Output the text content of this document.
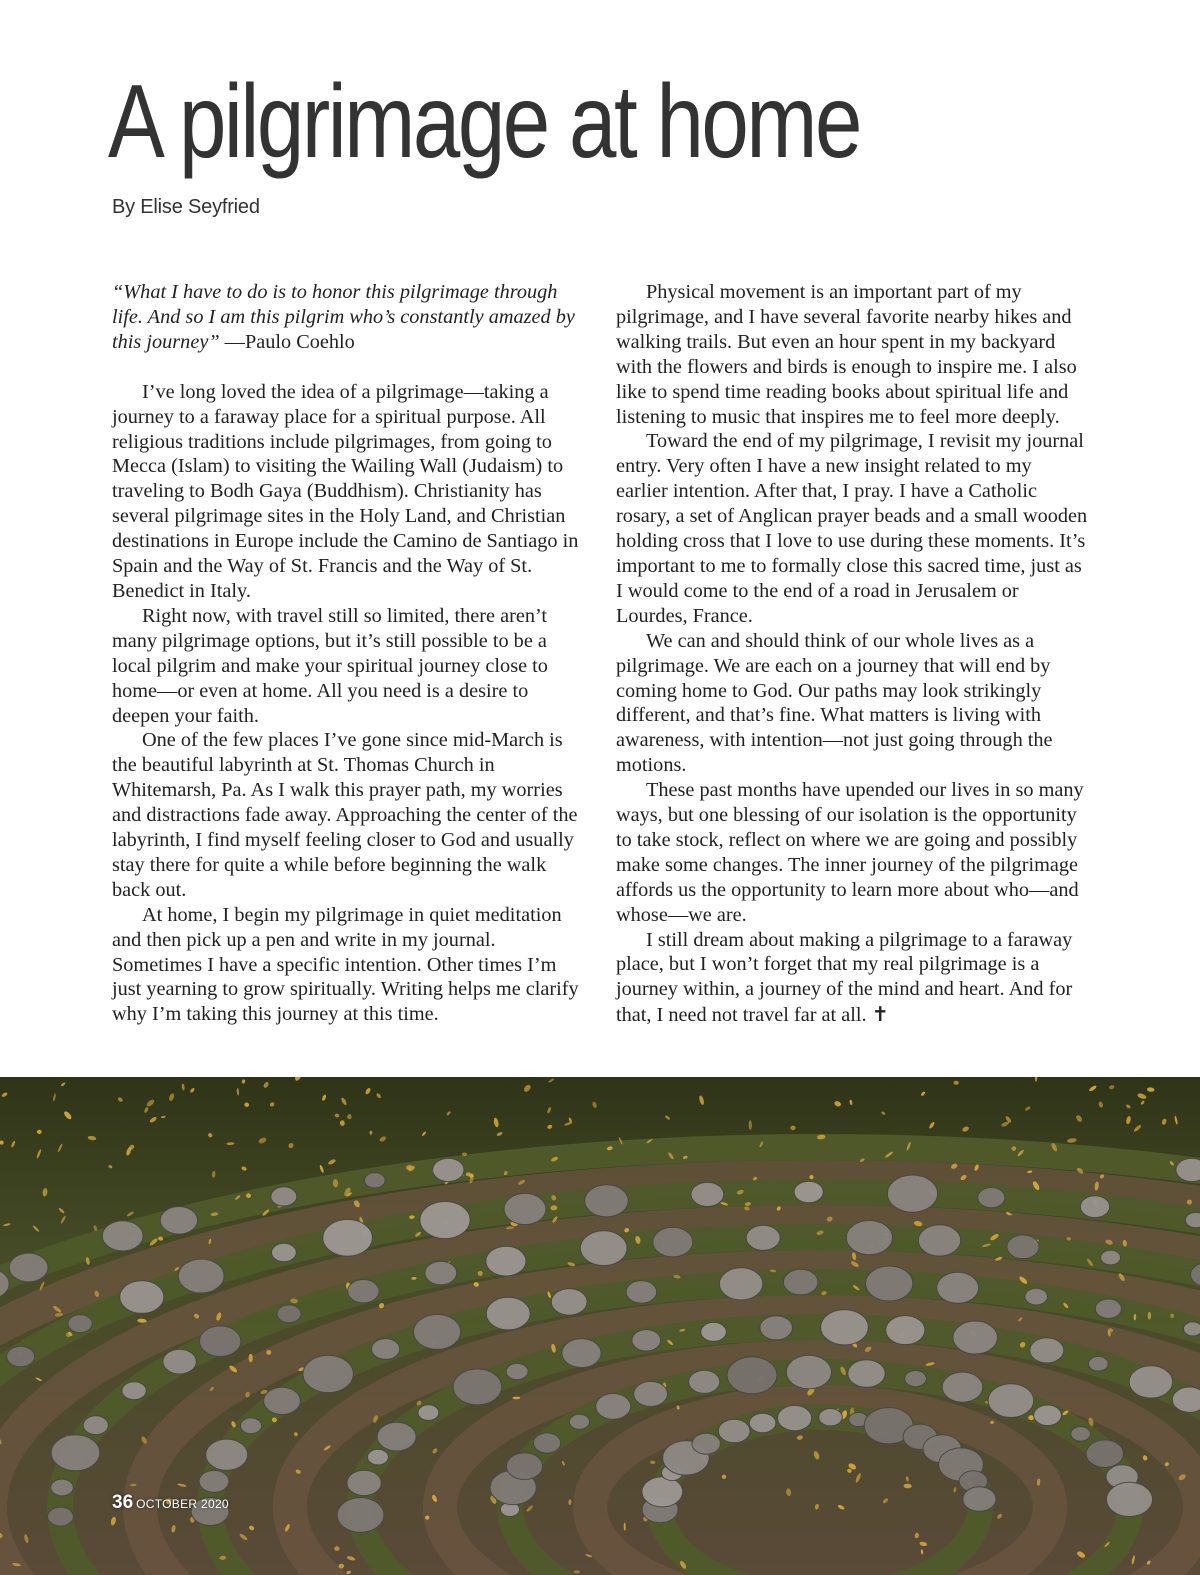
A pilgrimage at home
By Elise Seyfried

“What I have to do is to honor this pilgrimage through life. And so I am this pilgrim who’s constantly amazed by this journey” —Paulo Coehlo

I’ve long loved the idea of a pilgrimage—taking a journey to a faraway place for a spiritual purpose. All religious traditions include pilgrimages, from going to Mecca (Islam) to visiting the Wailing Wall (Judaism) to traveling to Bodh Gaya (Buddhism). Christianity has several pilgrimage sites in the Holy Land, and Christian destinations in Europe include the Camino de Santiago in Spain and the Way of St. Francis and the Way of St. Benedict in Italy.

Right now, with travel still so limited, there aren’t many pilgrimage options, but it’s still possible to be a local pilgrim and make your spiritual journey close to home—or even at home. All you need is a desire to deepen your faith.

One of the few places I’ve gone since mid-March is the beautiful labyrinth at St. Thomas Church in Whitemarsh, Pa. As I walk this prayer path, my worries and distractions fade away. Approaching the center of the labyrinth, I find myself feeling closer to God and usually stay there for quite a while before beginning the walk back out.

At home, I begin my pilgrimage in quiet meditation and then pick up a pen and write in my journal. Sometimes I have a specific intention. Other times I’m just yearning to grow spiritually. Writing helps me clarify why I’m taking this journey at this time.

Physical movement is an important part of my pilgrimage, and I have several favorite nearby hikes and walking trails. But even an hour spent in my backyard with the flowers and birds is enough to inspire me. I also like to spend time reading books about spiritual life and listening to music that inspires me to feel more deeply.

Toward the end of my pilgrimage, I revisit my journal entry. Very often I have a new insight related to my earlier intention. After that, I pray. I have a Catholic rosary, a set of Anglican prayer beads and a small wooden holding cross that I love to use during these moments. It’s important to me to formally close this sacred time, just as I would come to the end of a road in Jerusalem or Lourdes, France.

We can and should think of our whole lives as a pilgrimage. We are each on a journey that will end by coming home to God. Our paths may look strikingly different, and that’s fine. What matters is living with awareness, with intention—not just going through the motions.

These past months have upended our lives in so many ways, but one blessing of our isolation is the opportunity to take stock, reflect on where we are going and possibly make some changes. The inner journey of the pilgrimage affords us the opportunity to learn more about who—and whose—we are.

I still dream about making a pilgrimage to a faraway place, but I won’t forget that my real pilgrimage is a journey within, a journey of the mind and heart. And for that, I need not travel far at all. ✝

36 OCTOBER 2020
